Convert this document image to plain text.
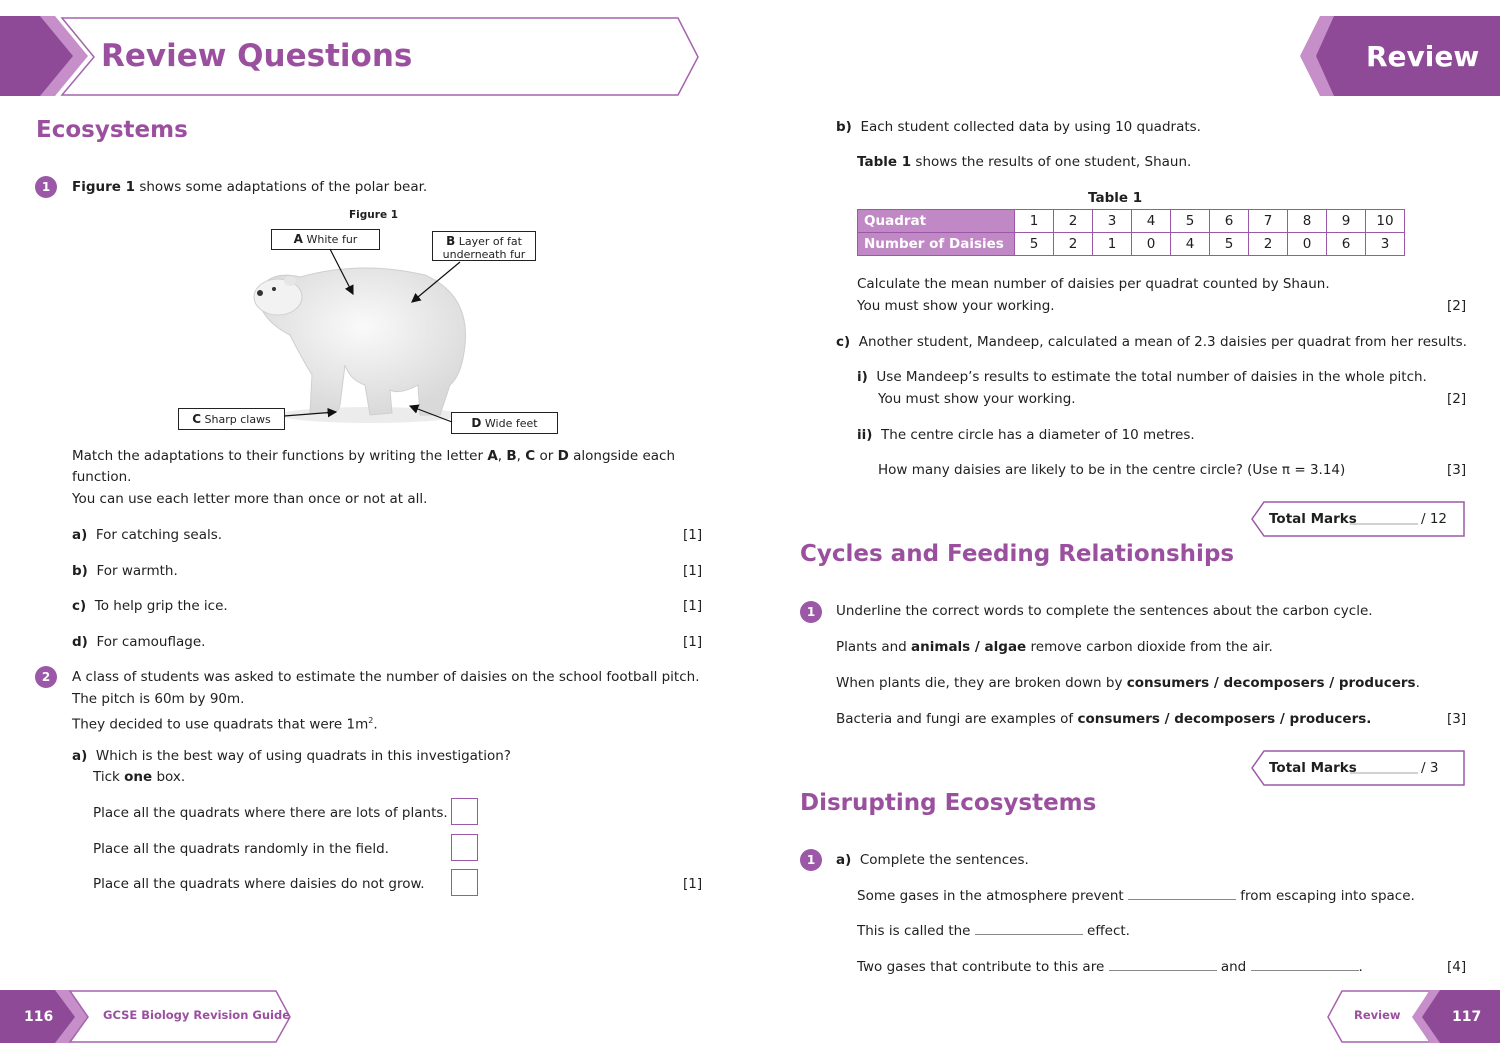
Review Questions	Review
Ecosystems
1	Figure 1 shows some adaptations of the polar bear.
Figure 1
A White fur	B Layer of fat
underneath fur
C Sharp claws	D Wide feet
Match the adaptations to their functions by writing the letter A, B, C or D alongside each
function.
You can use each letter more than once or not at all.
a) For catching seals.	[1]
b) For warmth.	[1]
c) To help grip the ice.	[1]
d) For camouflage.	[1]
2	A class of students was asked to estimate the number of daisies on the school football pitch.
The pitch is 60m by 90m.
They decided to use quadrats that were $1m^2$.
a) Which is the best way of using quadrats in this investigation?
Tick one box.
Place all the quadrats where there are lots of plants.
Place all the quadrats randomly in the field.
Place all the quadrats where daisies do not grow.	[1]
b) Each student collected data by using 10 quadrats.
Table 1 shows the results of one student, Shaun.
Table 1
Quadrat	1	2	3	4	5	6	7	8	9	10
Number of Daisies	5	2	1	0	4	5	2	0	6	3
Calculate the mean number of daisies per quadrat counted by Shaun.
You must show your working.	[2]
c) Another student, Mandeep, calculated a mean of 2.3 daisies per quadrat from her results.
i) Use Mandeep’s results to estimate the total number of daisies in the whole pitch.
You must show your working.	[2]
ii) The centre circle has a diameter of 10 metres.
How many daisies are likely to be in the centre circle? (Use π = 3.14)	[3]
Total Marks	/ 12
Cycles and Feeding Relationships
1	Underline the correct words to complete the sentences about the carbon cycle.
Plants and animals / algae remove carbon dioxide from the air.
When plants die, they are broken down by consumers / decomposers / producers.
Bacteria and fungi are examples of consumers / decomposers / producers.	[3]
Total Marks	/ 3
Disrupting Ecosystems
1	a) Complete the sentences.
Some gases in the atmosphere prevent	from escaping into space.
This is called the	effect.
Two gases that contribute to this are	and	.	[4]
116	GCSE Biology Revision Guide	Review	117
